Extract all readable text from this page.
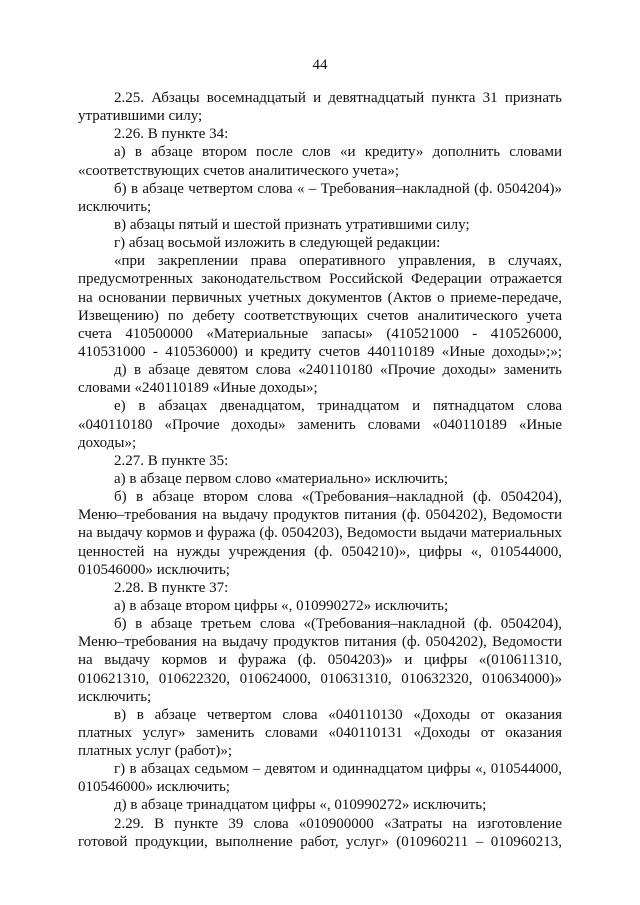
44
2.25. Абзацы восемнадцатый и девятнадцатый пункта 31 признать
утратившими силу;
2.26. В пункте 34:
а) в абзаце втором после слов «и кредиту» дополнить словами
«соответствующих счетов аналитического учета»;
б) в абзаце четвертом слова « – Требования–накладной (ф. 0504204)»
исключить;
в) абзацы пятый и шестой признать утратившими силу;
г) абзац восьмой изложить в следующей редакции:
«при закреплении права оперативного управления, в случаях,
предусмотренных законодательством Российской Федерации отражается
на основании первичных учетных документов (Актов о приеме-передаче,
Извещению) по дебету соответствующих счетов аналитического учета
счета 410500000 «Материальные запасы» (410521000 - 410526000,
410531000 - 410536000) и кредиту счетов 440110189 «Иные доходы»;»;
д) в абзаце девятом слова «240110180 «Прочие доходы» заменить
словами «240110189 «Иные доходы»;
е) в абзацах двенадцатом, тринадцатом и пятнадцатом слова
«040110180 «Прочие доходы» заменить словами «040110189 «Иные
доходы»;
2.27. В пункте 35:
а) в абзаце первом слово «материально» исключить;
б) в абзаце втором слова «(Требования–накладной (ф. 0504204),
Меню–требования на выдачу продуктов питания (ф. 0504202), Ведомости
на выдачу кормов и фуража (ф. 0504203), Ведомости выдачи материальных
ценностей на нужды учреждения (ф. 0504210)», цифры «, 010544000,
010546000» исключить;
2.28. В пункте 37:
а) в абзаце втором цифры «, 010990272» исключить;
б) в абзаце третьем слова «(Требования–накладной (ф. 0504204),
Меню–требования на выдачу продуктов питания (ф. 0504202), Ведомости
на выдачу кормов и фуража (ф. 0504203)» и цифры «(010611310,
010621310, 010622320, 010624000, 010631310, 010632320, 010634000)»
исключить;
в) в абзаце четвертом слова «040110130 «Доходы от оказания
платных услуг» заменить словами «040110131 «Доходы от оказания
платных услуг (работ)»;
г) в абзацах седьмом – девятом и одиннадцатом цифры «, 010544000,
010546000» исключить;
д) в абзаце тринадцатом цифры «, 010990272» исключить;
2.29. В пункте 39 слова «010900000 «Затраты на изготовление
готовой продукции, выполнение работ, услуг» (010960211 – 010960213,
